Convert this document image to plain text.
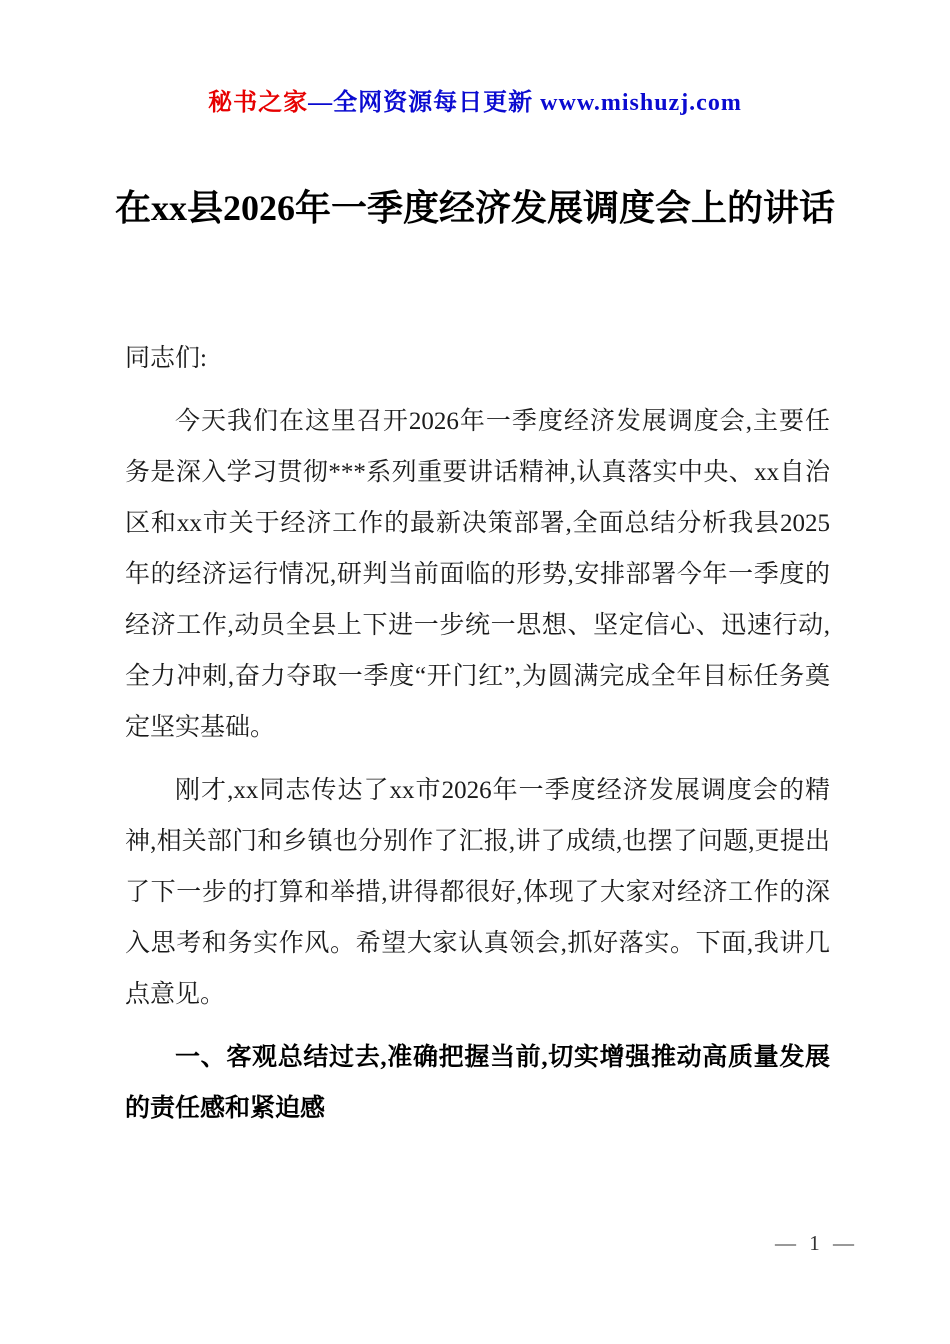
秘书之家—全网资源每日更新 www.mishuzj.com
在xx县2026年一季度经济发展调度会上的讲话

同志们:

今天我们在这里召开2026年一季度经济发展调度会,主要任务是深入学习贯彻***系列重要讲话精神,认真落实中央、xx自治区和xx市关于经济工作的最新决策部署,全面总结分析我县2025年的经济运行情况,研判当前面临的形势,安排部署今年一季度的经济工作,动员全县上下进一步统一思想、坚定信心、迅速行动,全力冲刺,奋力夺取一季度“开门红”,为圆满完成全年目标任务奠定坚实基础。

刚才,xx同志传达了xx市2026年一季度经济发展调度会的精神,相关部门和乡镇也分别作了汇报,讲了成绩,也摆了问题,更提出了下一步的打算和举措,讲得都很好,体现了大家对经济工作的深入思考和务实作风。希望大家认真领会,抓好落实。下面,我讲几点意见。

一、客观总结过去,准确把握当前,切实增强推动高质量发展的责任感和紧迫感

— 1 —
